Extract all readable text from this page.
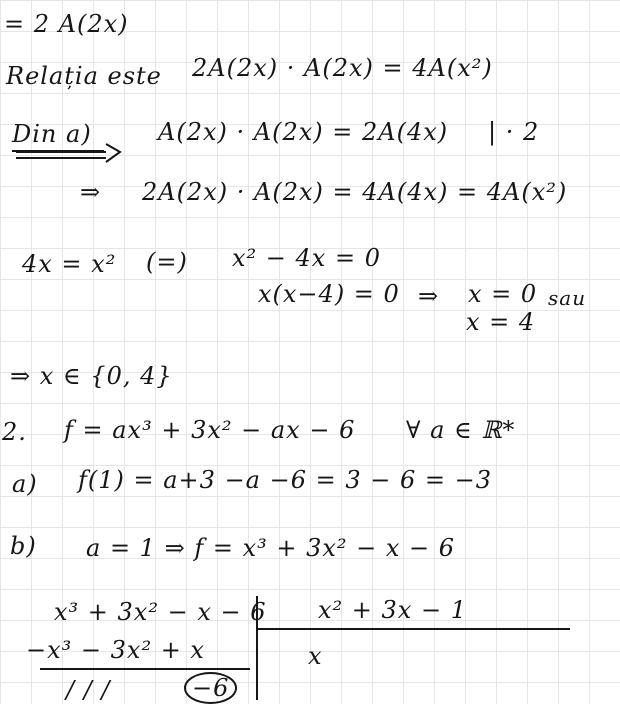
= 2 A(2x)
Relația este 2A(2x) · A(2x) = 4A(x²)
Din a)	A(2x) · A(2x) = 2A(4x) | · 2
⇒ 2A(2x) · A(2x) = 4A(4x) = 4A(x²)
4x = x² (=) x² − 4x = 0
x(x−4) = 0 ⇒ x = 0 sau
x = 4
⇒ x ∈ {0, 4}
2. f = ax³ + 3x² − ax − 6 ∀ a ∈ ℝ*
a) f(1) = a+3 −a −6 = 3 − 6 = −3
b) a = 1 ⇒ f = x³ + 3x² − x − 6
x³ + 3x² − x − 6 x² + 3x − 1
−x³ − 3x² + x	x
/ / /	−6
